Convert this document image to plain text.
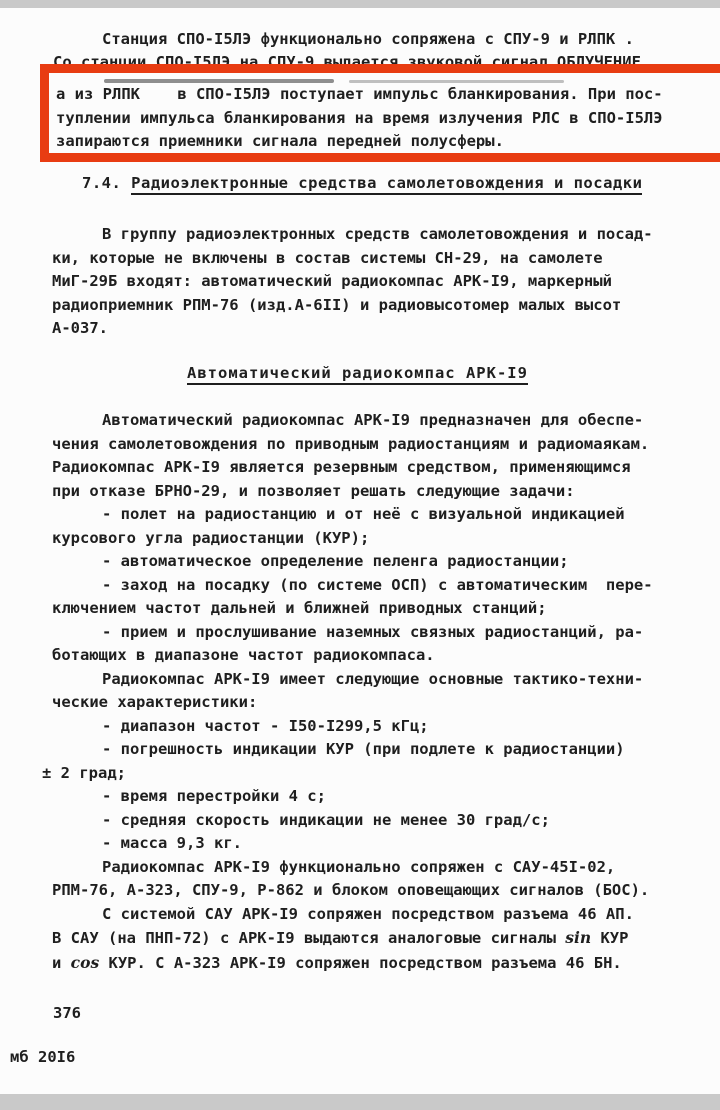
Станция СПО-I5ЛЭ функционально сопряжена с СПУ-9 и РЛПК .
Со станции СПО-I5ЛЭ на СПУ-9 выдается звуковой сигнал ОБЛУЧЕНИЕ
а из РЛПК    в СПО-I5ЛЭ поступает импульс бланкирования. При пос-
туплении импульса бланкирования на время излучения РЛС в СПО-I5ЛЭ
запираются приемники сигнала передней полусферы.
7.4. Радиоэлектронные средства самолетовождения и посадки
В группу радиоэлектронных средств самолетовождения и посад-
ки, которые не включены в состав системы СН-29, на самолете
МиГ-29Б входят: автоматический радиокомпас АРК-I9, маркерный
радиоприемник РПМ-76 (изд.А-6II) и радиовысотомер малых высот
А-037.
Автоматический радиокомпас АРК-I9
Автоматический радиокомпас АРК-I9 предназначен для обеспе-
чения самолетовождения по приводным радиостанциям и радиомаякам.
Радиокомпас АРК-I9 является резервным средством, применяющимся
при отказе БРНО-29, и позволяет решать следующие задачи:
- полет на радиостанцию и от неё с визуальной индикацией
курсового угла радиостанции (КУР);
- автоматическое определение пеленга радиостанции;
- заход на посадку (по системе ОСП) с автоматическим  пере-
ключением частот дальней и ближней приводных станций;
- прием и прослушивание наземных связных радиостанций, ра-
ботающих в диапазоне частот радиокомпаса.
Радиокомпас АРК-I9 имеет следующие основные тактико-техни-
ческие характеристики:
- диапазон частот - I50-I299,5 кГц;
- погрешность индикации КУР (при подлете к радиостанции)
± 2 град;
- время перестройки 4 с;
- средняя скорость индикации не менее 30 град/с;
- масса 9,3 кг.
Радиокомпас АРК-I9 функционально сопряжен с САУ-45I-02,
РПМ-76, А-323, СПУ-9, Р-862 и блоком оповещающих сигналов (БОС).
С системой САУ АРК-I9 сопряжен посредством разъема 46 АП.
В САУ (на ПНП-72) с АРК-I9 выдаются аналоговые сигналы sin КУР
и cos КУР. С А-323 АРК-I9 сопряжен посредством разъема 46 БН.
376
мб 20I6
